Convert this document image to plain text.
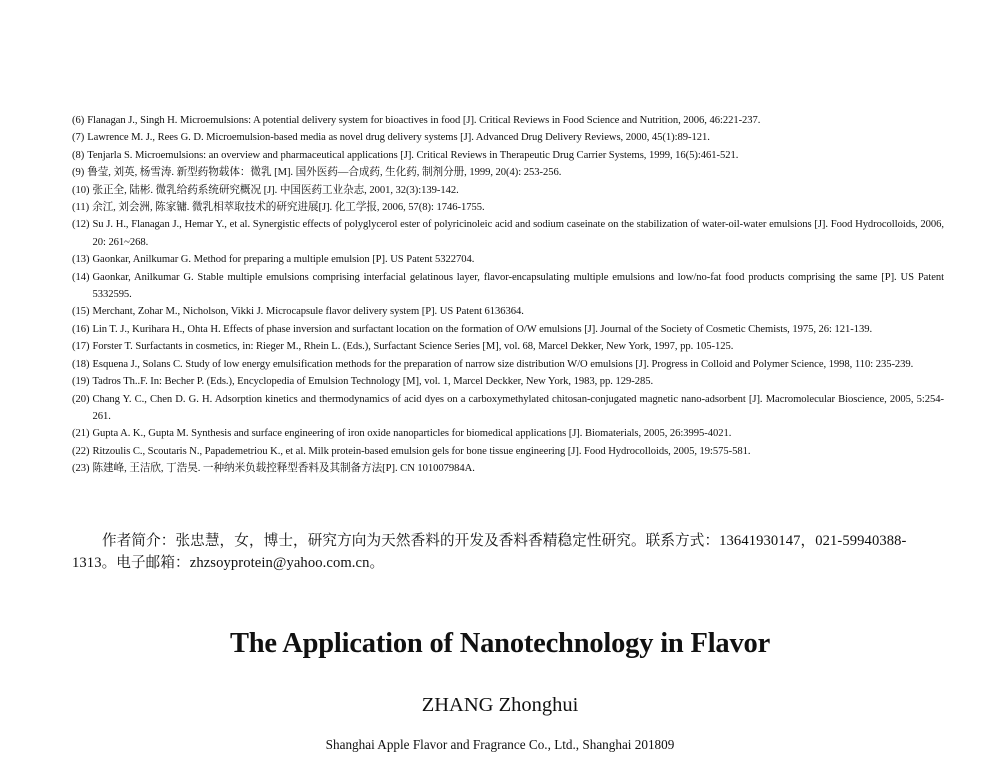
(6) Flanagan J., Singh H. Microemulsions: A potential delivery system for bioactives in food [J]. Critical Reviews in Food Science and Nutrition, 2006, 46:221-237.
(7) Lawrence M. J., Rees G. D. Microemulsion-based media as novel drug delivery systems [J]. Advanced Drug Delivery Reviews, 2000, 45(1):89-121.
(8) Tenjarla S. Microemulsions: an overview and pharmaceutical applications [J]. Critical Reviews in Therapeutic Drug Carrier Systems, 1999, 16(5):461-521.
(9) 鲁莹, 刘英, 杨雪涛. 新型药物载体：微乳 [M]. 国外医药—合成药, 生化药, 制剂分册, 1999, 20(4): 253-256.
(10) 张正全, 陆彬. 微乳给药系统研究概况 [J]. 中国医药工业杂志, 2001, 32(3):139-142.
(11) 余江, 刘会洲, 陈家镛. 微乳相萃取技术的研究进展[J]. 化工学报, 2006, 57(8): 1746-1755.
(12) Su J. H., Flanagan J., Hemar Y., et al. Synergistic effects of polyglycerol ester of polyricinoleic acid and sodium caseinate on the stabilization of water-oil-water emulsions [J]. Food Hydrocolloids, 2006, 20: 261~268.
(13) Gaonkar, Anilkumar G. Method for preparing a multiple emulsion [P]. US Patent 5322704.
(14) Gaonkar, Anilkumar G. Stable multiple emulsions comprising interfacial gelatinous layer, flavor-encapsulating multiple emulsions and low/no-fat food products comprising the same [P]. US Patent 5332595.
(15) Merchant, Zohar M., Nicholson, Vikki J. Microcapsule flavor delivery system [P]. US Patent 6136364.
(16) Lin T. J., Kurihara H., Ohta H. Effects of phase inversion and surfactant location on the formation of O/W emulsions [J]. Journal of the Society of Cosmetic Chemists, 1975, 26: 121-139.
(17) Forster T. Surfactants in cosmetics, in: Rieger M., Rhein L. (Eds.), Surfactant Science Series [M], vol. 68, Marcel Dekker, New York, 1997, pp. 105-125.
(18) Esquena J., Solans C. Study of low energy emulsification methods for the preparation of narrow size distribution W/O emulsions [J]. Progress in Colloid and Polymer Science, 1998, 110: 235-239.
(19) Tadros Th..F. In: Becher P. (Eds.), Encyclopedia of Emulsion Technology [M], vol. 1, Marcel Deckker, New York, 1983, pp. 129-285.
(20) Chang Y. C., Chen D. G. H. Adsorption kinetics and thermodynamics of acid dyes on a carboxymethylated chitosan-conjugated magnetic nano-adsorbent [J]. Macromolecular Bioscience, 2005, 5:254-261.
(21) Gupta A. K., Gupta M. Synthesis and surface engineering of iron oxide nanoparticles for biomedical applications [J]. Biomaterials, 2005, 26:3995-4021.
(22) Ritzoulis C., Scoutaris N., Papademetriou K., et al. Milk protein-based emulsion gels for bone tissue engineering [J]. Food Hydrocolloids, 2005, 19:575-581.
(23) 陈建峰, 王洁欣, 丁浩昊. 一种纳米负载控释型香料及其制备方法[P]. CN 101007984A.
作者简介：张忠慧，女，博士，研究方向为天然香料的开发及香料香精稳定性研究。联系方式：13641930147，021-59940388-1313。电子邮箱：zhzsoyprotein@yahoo.com.cn。
The Application of Nanotechnology in Flavor
ZHANG Zhonghui
Shanghai Apple Flavor and Fragrance Co., Ltd., Shanghai 201809
